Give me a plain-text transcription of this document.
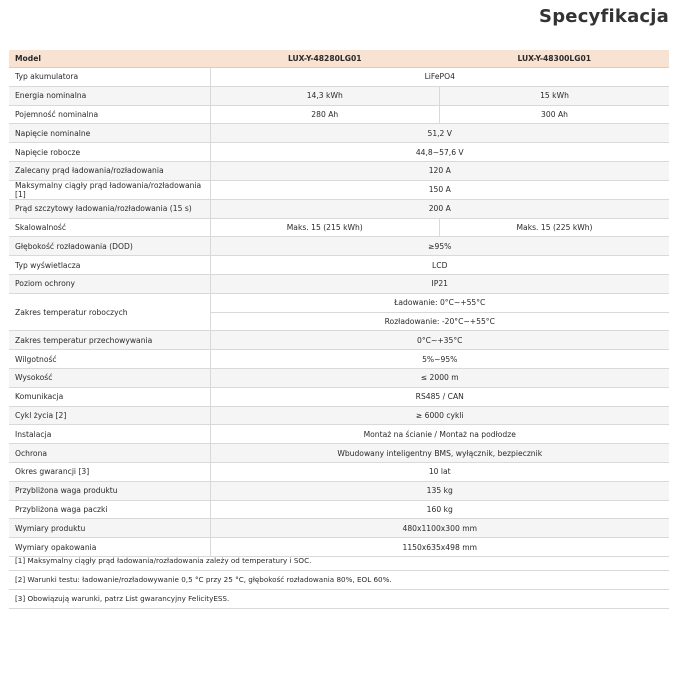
Specyfikacja
Model	LUX-Y-48280LG01	LUX-Y-48300LG01
Typ akumulatora	LiFePO4	
Energia nominalna	14,3 kWh	15 kWh
Pojemność nominalna	280 Ah	300 Ah
Napięcie nominalne	51,2 V	
Napięcie robocze	44,8~57,6 V	
Zalecany prąd ładowania/rozładowania	120 A	
Maksymalny ciągły prąd ładowania/rozładowania [1]	150 A	
Prąd szczytowy ładowania/rozładowania (15 s)	200 A	
Skalowalność	Maks. 15 (215 kWh)	Maks. 15 (225 kWh)
Głębokość rozładowania (DOD)	≥95%	
Typ wyświetlacza	LCD	
Poziom ochrony	IP21	
Zakres temperatur roboczych	Ładowanie: 0°C~+55°C	
	Rozładowanie: -20°C~+55°C	
Zakres temperatur przechowywania	0°C~+35°C	
Wilgotność	5%~95%	
Wysokość	≤ 2000 m	
Komunikacja	RS485 / CAN	
Cykl życia [2]	≥ 6000 cykli	
Instalacja	Montaż na ścianie / Montaż na podłodze	
Ochrona	Wbudowany inteligentny BMS, wyłącznik, bezpiecznik	
Okres gwarancji [3]	10 lat	
Przybliżona waga produktu	135 kg	
Przybliżona waga paczki	160 kg	
Wymiary produktu	480x1100x300 mm	
Wymiary opakowania	1150x635x498 mm	
[1] Maksymalny ciągły prąd ładowania/rozładowania zależy od temperatury i SOC.
[2] Warunki testu: ładowanie/rozładowywanie 0,5 °C przy 25 °C, głębokość rozładowania 80%, EOL 60%.
[3] Obowiązują warunki, patrz List gwarancyjny FelicityESS.
